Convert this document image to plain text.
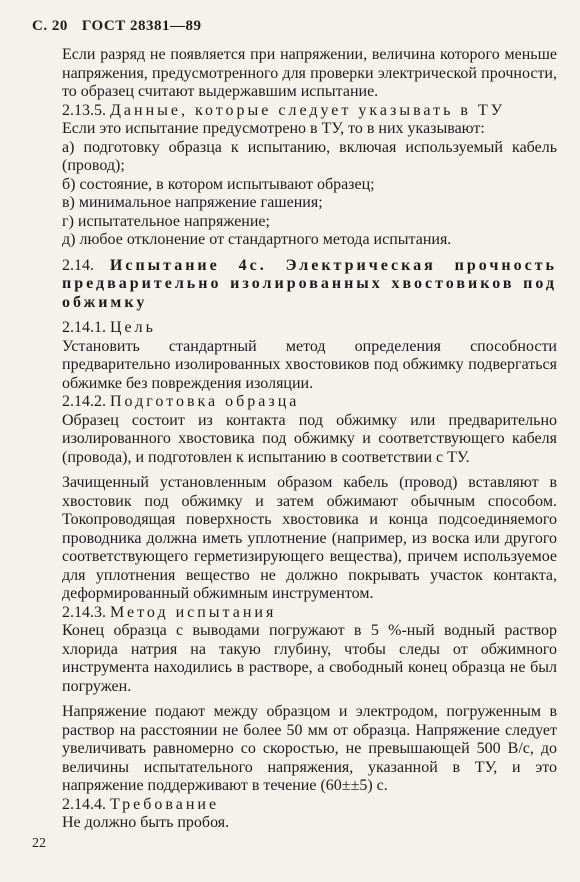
С. 20 ГОСТ 28381—89

Если разряд не появляется при напряжении, величина которого меньше напряжения, предусмотренного для проверки электрической прочности, то образец считают выдержавшим испытание.

2.13.5. Данные, которые следует указывать в ТУ

Если это испытание предусмотрено в ТУ, то в них указывают:

а) подготовку образца к испытанию, включая используемый кабель (провод);

б) состояние, в котором испытывают образец;

в) минимальное напряжение гашения;

г) испытательное напряжение;

д) любое отклонение от стандартного метода испытания.

2.14. Испытание 4с. Электрическая прочность предварительно изолированных хвостовиков под обжимку

2.14.1. Цель

Установить стандартный метод определения способности предварительно изолированных хвостовиков под обжимку подвергаться обжимке без повреждения изоляции.

2.14.2. Подготовка образца

Образец состоит из контакта под обжимку или предварительно изолированного хвостовика под обжимку и соответствующего кабеля (провода), и подготовлен к испытанию в соответствии с ТУ.

Зачищенный установленным образом кабель (провод) вставляют в хвостовик под обжимку и затем обжимают обычным способом. Токопроводящая поверхность хвостовика и конца подсоединяемого проводника должна иметь уплотнение (например, из воска или другого соответствующего герметизирующего вещества), причем используемое для уплотнения вещество не должно покрывать участок контакта, деформированный обжимным инструментом.

2.14.3. Метод испытания

Конец образца с выводами погружают в 5 %-ный водный раствор хлорида натрия на такую глубину, чтобы следы от обжимного инструмента находились в растворе, а свободный конец образца не был погружен.

Напряжение подают между образцом и электродом, погруженным в раствор на расстоянии не более 50 мм от образца. Напряжение следует увеличивать равномерно со скоростью, не превышающей 500 В/с, до величины испытательного напряжения, указанной в ТУ, и это напряжение поддерживают в течение (60±±5) с.

2.14.4. Требование

Не должно быть пробоя.

22
